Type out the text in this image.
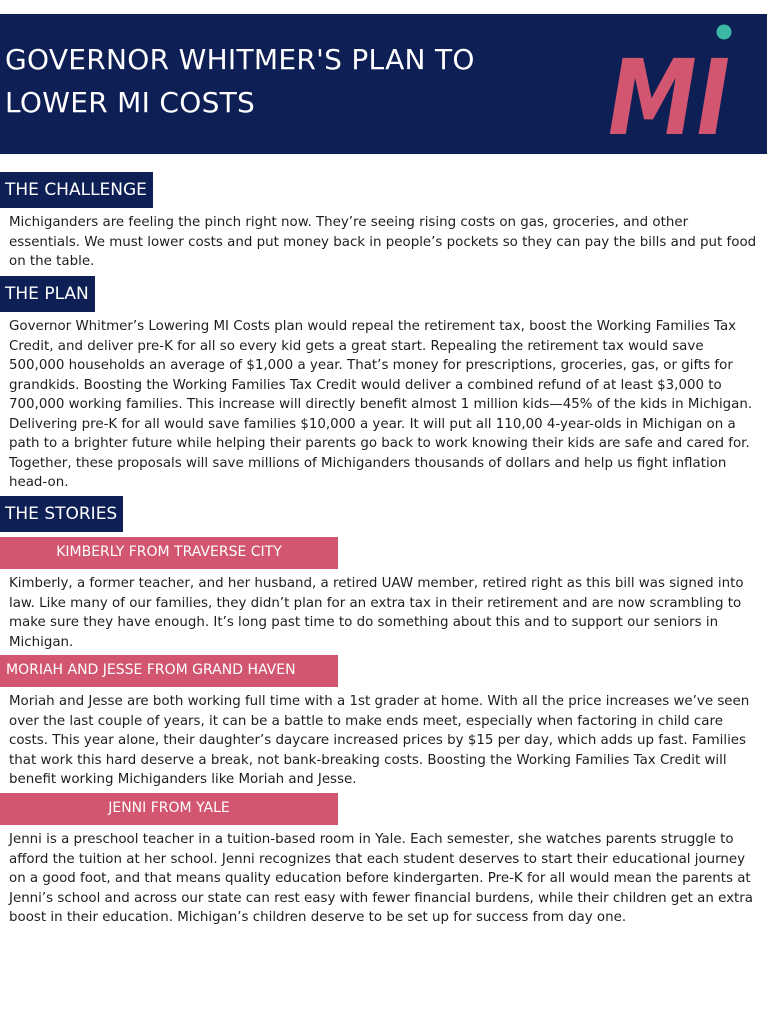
GOVERNOR WHITMER'S PLAN TO
LOWER MI COSTS	MI
THE CHALLENGE

Michiganders are feeling the pinch right now. They’re seeing rising costs on gas, groceries, and other essentials. We must lower costs and put money back in people’s pockets so they can pay the bills and put food on the table.

THE PLAN

Governor Whitmer’s Lowering MI Costs plan would repeal the retirement tax, boost the Working Families Tax Credit, and deliver pre-K for all so every kid gets a great start. Repealing the retirement tax would save 500,000 households an average of $1,000 a year. That’s money for prescriptions, groceries, gas, or gifts for grandkids. Boosting the Working Families Tax Credit would deliver a combined refund of at least $3,000 to 700,000 working families. This increase will directly benefit almost 1 million kids—45% of the kids in Michigan. Delivering pre-K for all would save families $10,000 a year. It will put all 110,00 4-year-olds in Michigan on a path to a brighter future while helping their parents go back to work knowing their kids are safe and cared for. Together, these proposals will save millions of Michiganders thousands of dollars and help us fight inflation head-on.

THE STORIES
KIMBERLY FROM TRAVERSE CITY

Kimberly, a former teacher, and her husband, a retired UAW member, retired right as this bill was signed into law. Like many of our families, they didn’t plan for an extra tax in their retirement and are now scrambling to make sure they have enough. It’s long past time to do something about this and to support our seniors in Michigan.

MORIAH AND JESSE FROM GRAND HAVEN

Moriah and Jesse are both working full time with a 1st grader at home. With all the price increases we’ve seen over the last couple of years, it can be a battle to make ends meet, especially when factoring in child care costs. This year alone, their daughter’s daycare increased prices by $15 per day, which adds up fast. Families that work this hard deserve a break, not bank-breaking costs. Boosting the Working Families Tax Credit will benefit working Michiganders like Moriah and Jesse.

JENNI FROM YALE

Jenni is a preschool teacher in a tuition-based room in Yale. Each semester, she watches parents struggle to afford the tuition at her school. Jenni recognizes that each student deserves to start their educational journey on a good foot, and that means quality education before kindergarten. Pre-K for all would mean the parents at Jenni’s school and across our state can rest easy with fewer financial burdens, while their children get an extra boost in their education. Michigan’s children deserve to be set up for success from day one.
